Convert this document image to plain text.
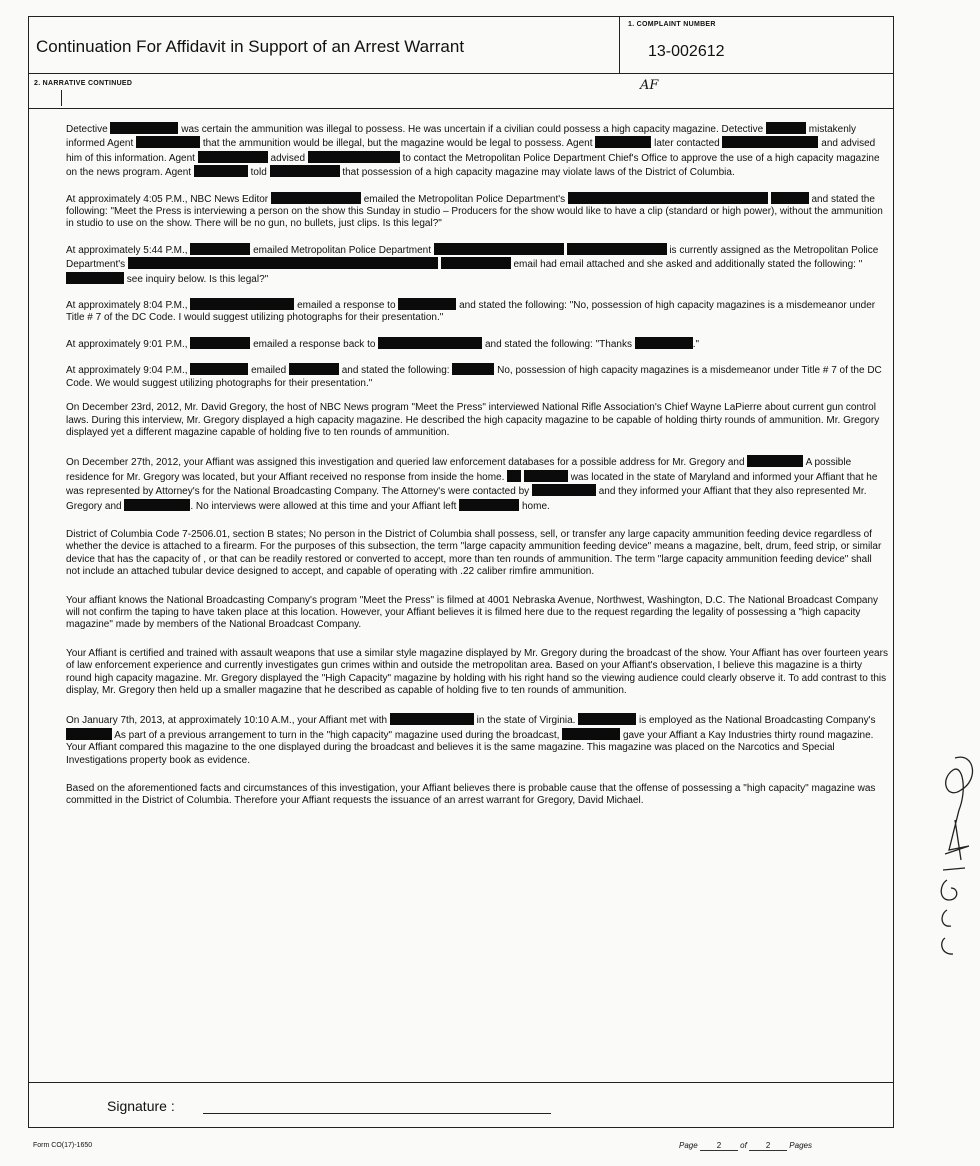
Continuation For Affidavit in Support of an Arrest Warrant
1. COMPLAINT NUMBER
13-002612
AF
2. NARRATIVE CONTINUED

Detective	was certain the ammunition was illegal to possess. He was uncertain if a civilian could possess a high capacity magazine. Detective	mistakenly informed Agent	that the ammunition would be illegal, but the magazine would be legal to possess. Agent	later contacted	and advised him of this information. Agent	advised	to contact the Metropolitan Police Department Chief's Office to approve the use of a high capacity magazine on the news program. Agent	told	that possession of a high capacity magazine may violate laws of the District of Columbia.

At approximately 4:05 P.M., NBC News Editor	emailed the Metropolitan Police Department's	and stated the following: "Meet the Press is interviewing a person on the show this Sunday in studio – Producers for the show would like to have a clip (standard or high power), without the ammunition in studio to use on the show. There will be no gun, no bullets, just clips. Is this legal?"

At approximately 5:44 P.M.,	emailed Metropolitan Police Department	is currently assigned as the Metropolitan Police Department's	email had email attached and she asked and additionally stated the following: " see inquiry below. Is this legal?"

At approximately 8:04 P.M.,	emailed a response to	and stated the following: "No, possession of high capacity magazines is a misdemeanor under Title # 7 of the DC Code. I would suggest utilizing photographs for their presentation."

At approximately 9:01 P.M.,	emailed a response back to	and stated the following: "Thanks	."

At approximately 9:04 P.M.,	emailed	and stated the following:	No, possession of high capacity magazines is a misdemeanor under Title # 7 of the DC Code. We would suggest utilizing photographs for their presentation."

On December 23rd, 2012, Mr. David Gregory, the host of NBC News program "Meet the Press" interviewed National Rifle Association's Chief Wayne LaPierre about current gun control laws. During this interview, Mr. Gregory displayed a high capacity magazine. He described the high capacity magazine to be capable of holding thirty rounds of ammunition. Mr. Gregory displayed yet a different magazine capable of holding five to ten rounds of ammunition.

On December 27th, 2012, your Affiant was assigned this investigation and queried law enforcement databases for a possible address for Mr. Gregory and	A possible residence for Mr. Gregory was located, but your Affiant received no response from inside the home.	was located in the state of Maryland and informed your Affiant that he was represented by Attorney's for the National Broadcasting Company. The Attorney's were contacted by	and they informed your Affiant that they also represented Mr. Gregory and	. No interviews were allowed at this time and your Affiant left	home.

District of Columbia Code 7-2506.01, section B states; No person in the District of Columbia shall possess, sell, or transfer any large capacity ammunition feeding device regardless of whether the device is attached to a firearm. For the purposes of this subsection, the term "large capacity ammunition feeding device" means a magazine, belt, drum, feed strip, or similar device that has the capacity of , or that can be readily restored or converted to accept, more than ten rounds of ammunition. The term "large capacity ammunition feeding device" shall not include an attached tubular device designed to accept, and capable of operating with .22 caliber rimfire ammunition.

Your affiant knows the National Broadcasting Company's program "Meet the Press" is filmed at 4001 Nebraska Avenue, Northwest, Washington, D.C. The National Broadcast Company will not confirm the taping to have taken place at this location. However, your Affiant believes it is filmed here due to the request regarding the legality of possessing a "high capacity magazine" made by members of the National Broadcast Company.

Your Affiant is certified and trained with assault weapons that use a similar style magazine displayed by Mr. Gregory during the broadcast of the show. Your Affiant has over fourteen years of law enforcement experience and currently investigates gun crimes within and outside the metropolitan area. Based on your Affiant's observation, I believe this magazine is a thirty round high capacity magazine. Mr. Gregory displayed the "High Capacity" magazine by holding with his right hand so the viewing audience could clearly observe it. To add contrast to this display, Mr. Gregory then held up a smaller magazine that he described as capable of holding five to ten rounds of ammunition.

On January 7th, 2013, at approximately 10:10 A.M., your Affiant met with	in the state of Virginia.	is employed as the National Broadcasting Company's  As part of a previous arrangement to turn in the "high capacity" magazine used during the broadcast,	gave your Affiant a Kay Industries thirty round magazine. Your Affiant compared this magazine to the one displayed during the broadcast and believes it is the same magazine. This magazine was placed on the Narcotics and Special Investigations property book as evidence.

Based on the aforementioned facts and circumstances of this investigation, your Affiant believes there is probable cause that the offense of possessing a "high capacity" magazine was committed in the District of Columbia. Therefore your Affiant requests the issuance of an arrest warrant for Gregory, David Michael.

Signature :
Form CO(17)-1650	Page 2 of 2 Pages
